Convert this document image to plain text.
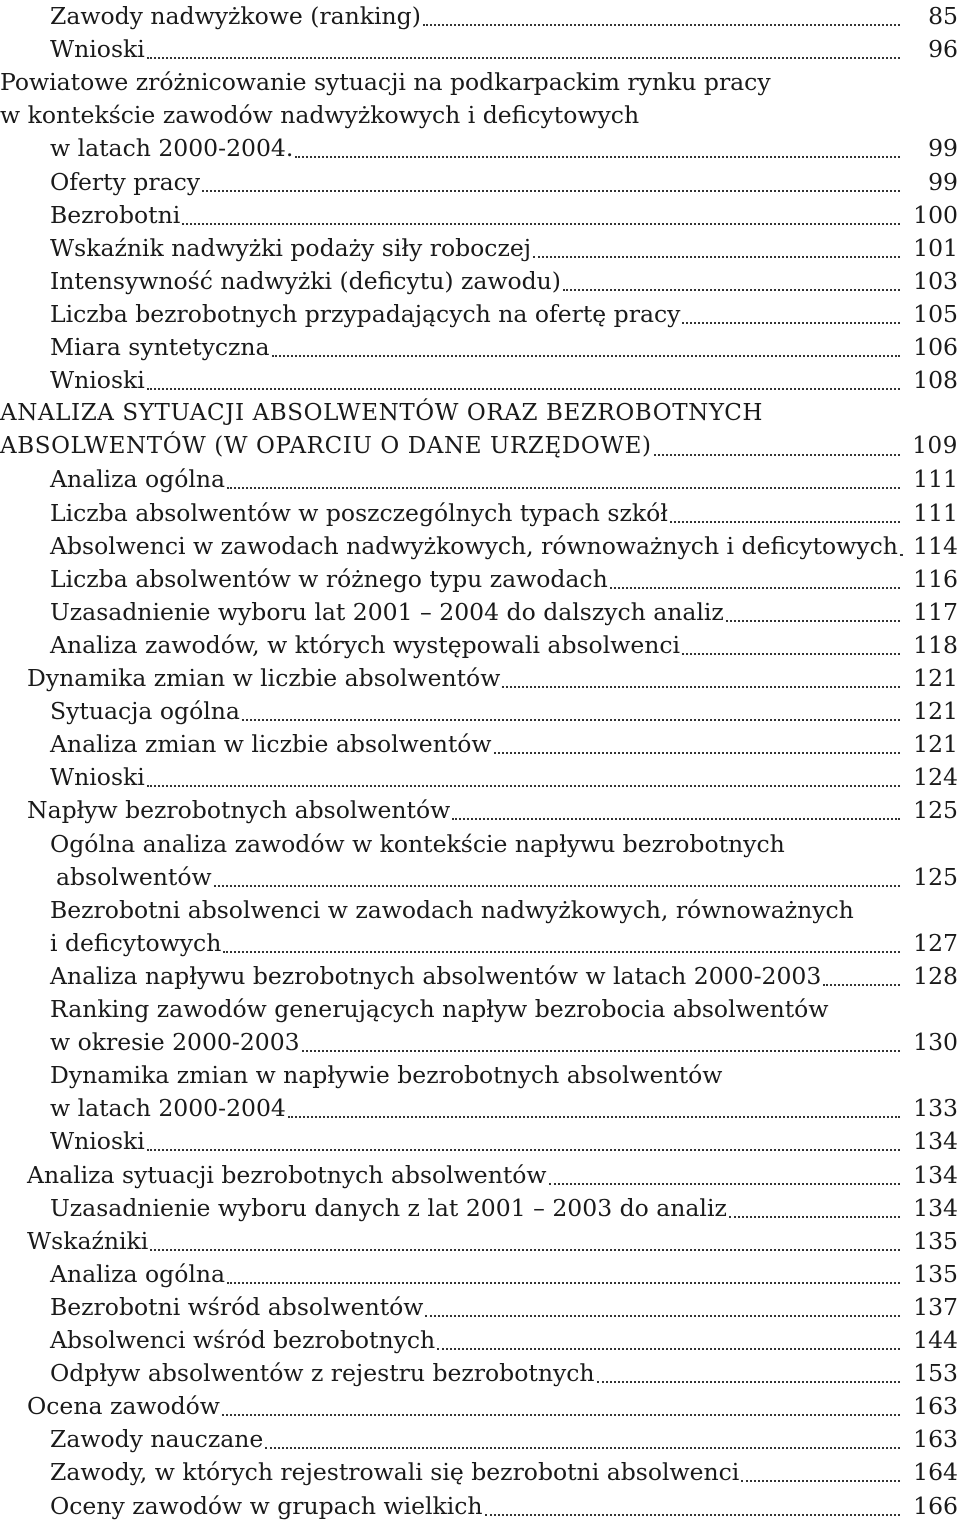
Zawody nadwyżkowe (ranking)	85
Wnioski	96
Powiatowe zróżnicowanie sytuacji na podkarpackim rynku pracy
w kontekście zawodów nadwyżkowych i deficytowych
w latach 2000-2004.	99
Oferty pracy	99
Bezrobotni	100
Wskaźnik nadwyżki podaży siły roboczej	101
Intensywność nadwyżki (deficytu) zawodu)	103
Liczba bezrobotnych przypadających na ofertę pracy	105
Miara syntetyczna	106
Wnioski	108
ANALIZA SYTUACJI ABSOLWENTÓW ORAZ BEZROBOTNYCH
ABSOLWENTÓW (W OPARCIU O DANE URZĘDOWE)	109
Analiza ogólna	111
Liczba absolwentów w poszczególnych typach szkół	111
Absolwenci w zawodach nadwyżkowych, równoważnych i deficytowych 114
Liczba absolwentów w różnego typu zawodach	116
Uzasadnienie wyboru lat 2001 – 2004 do dalszych analiz	117
Analiza zawodów, w których występowali absolwenci	118
Dynamika zmian w liczbie absolwentów	121
Sytuacja ogólna	121
Analiza zmian w liczbie absolwentów	121
Wnioski	124
Napływ bezrobotnych absolwentów	125
Ogólna analiza zawodów w kontekście napływu bezrobotnych
absolwentów	125
Bezrobotni absolwenci w zawodach nadwyżkowych, równoważnych
i deficytowych	127
Analiza napływu bezrobotnych absolwentów w latach 2000-2003	128
Ranking zawodów generujących napływ bezrobocia absolwentów
w okresie 2000-2003	130
Dynamika zmian w napływie bezrobotnych absolwentów
w latach 2000-2004	133
Wnioski	134
Analiza sytuacji bezrobotnych absolwentów	134
Uzasadnienie wyboru danych z lat 2001 – 2003 do analiz	134
Wskaźniki	135
Analiza ogólna	135
Bezrobotni wśród absolwentów	137
Absolwenci wśród bezrobotnych	144
Odpływ absolwentów z rejestru bezrobotnych	153
Ocena zawodów	163
Zawody nauczane	163
Zawody, w których rejestrowali się bezrobotni absolwenci	164
Oceny zawodów w grupach wielkich	166
